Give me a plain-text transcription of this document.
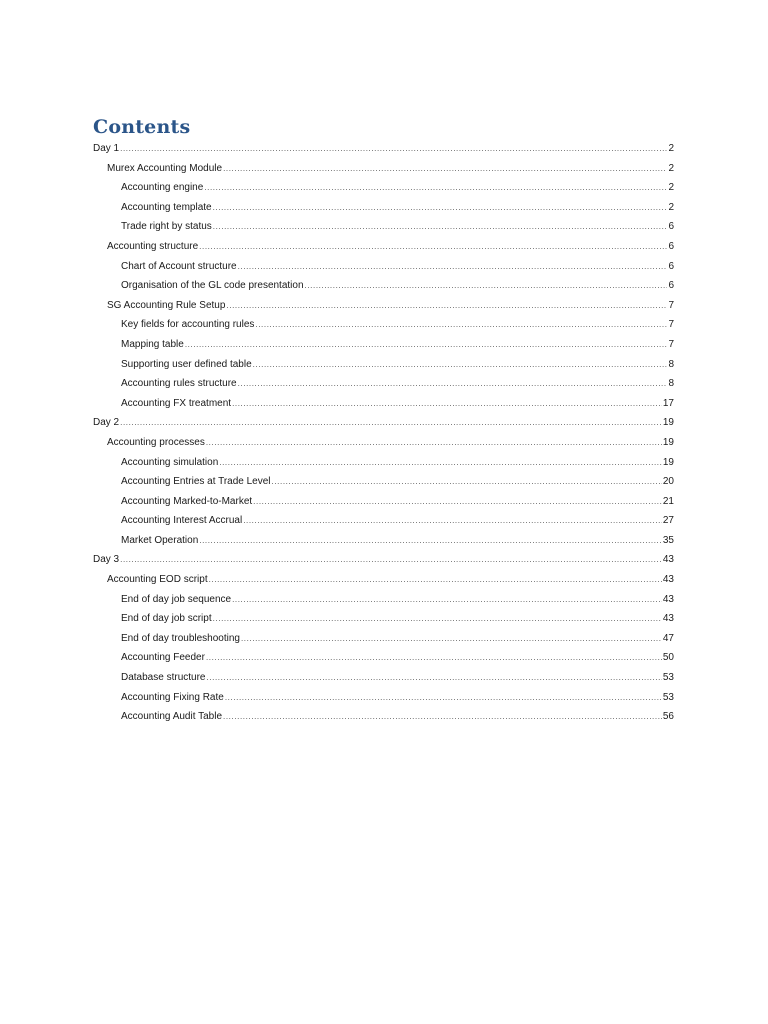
Contents
Day 1 .....	2
Murex Accounting Module .....	2
Accounting engine .....	2
Accounting template .....	2
Trade right by status .....	6
Accounting structure .....	6
Chart of Account structure .....	6
Organisation of the GL code presentation .....	6
SG Accounting Rule Setup .....	7
Key fields for accounting rules .....	7
Mapping table .....	7
Supporting user defined table .....	8
Accounting rules structure .....	8
Accounting FX treatment .....	17
Day 2 .....	19
Accounting processes .....	19
Accounting simulation .....	19
Accounting Entries at Trade Level .....	20
Accounting Marked-to-Market .....	21
Accounting Interest Accrual .....	27
Market Operation .....	35
Day 3 .....	43
Accounting EOD script .....	43
End of day job sequence .....	43
End of day job script .....	43
End of day troubleshooting .....	47
Accounting Feeder .....	50
Database structure .....	53
Accounting Fixing Rate .....	53
Accounting Audit Table .....	56
